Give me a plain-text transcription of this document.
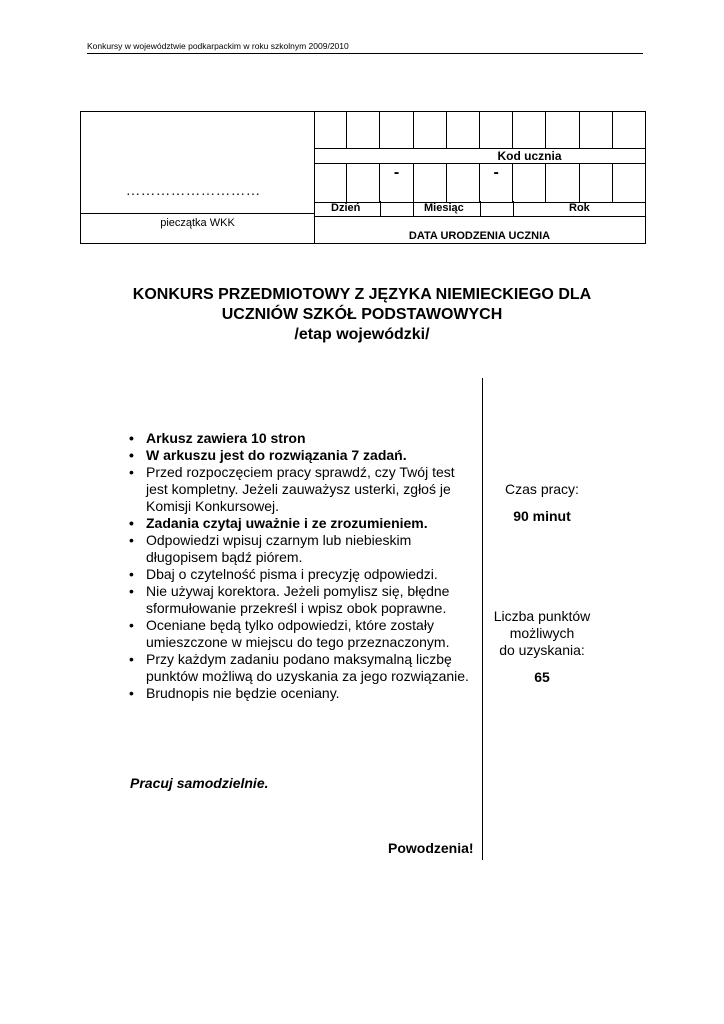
Konkursy w województwie podkarpackim w roku szkolnym 2009/2010
………………………
pieczątka WKK
Kod ucznia
-	-
Dzień	Miesiąc	Rok
DATA URODZENIA UCZNIA
KONKURS PRZEDMIOTOWY Z JĘZYKA NIEMIECKIEGO DLA
UCZNIÓW SZKÓŁ PODSTAWOWYCH
/etap wojewódzki/
• Arkusz zawiera 10 stron
• W arkuszu jest do rozwiązania 7 zadań.
• Przed rozpoczęciem pracy sprawdź, czy Twój test jest kompletny. Jeżeli zauważysz usterki, zgłoś je Komisji Konkursowej.
• Zadania czytaj uważnie i ze zrozumieniem.
• Odpowiedzi wpisuj czarnym lub niebieskim długopisem bądź piórem.
• Dbaj o czytelność pisma i precyzję odpowiedzi.
• Nie używaj korektora. Jeżeli pomylisz się, błędne sformułowanie przekreśl i wpisz obok poprawne.
• Oceniane będą tylko odpowiedzi, które zostały umieszczone w miejscu do tego przeznaczonym.
• Przy każdym zadaniu podano maksymalną liczbę punktów możliwą do uzyskania za jego rozwiązanie.
• Brudnopis nie będzie oceniany.
Czas pracy:
90 minut
Liczba punktów
możliwych
do uzyskania:
65
Pracuj samodzielnie.
Powodzenia!
